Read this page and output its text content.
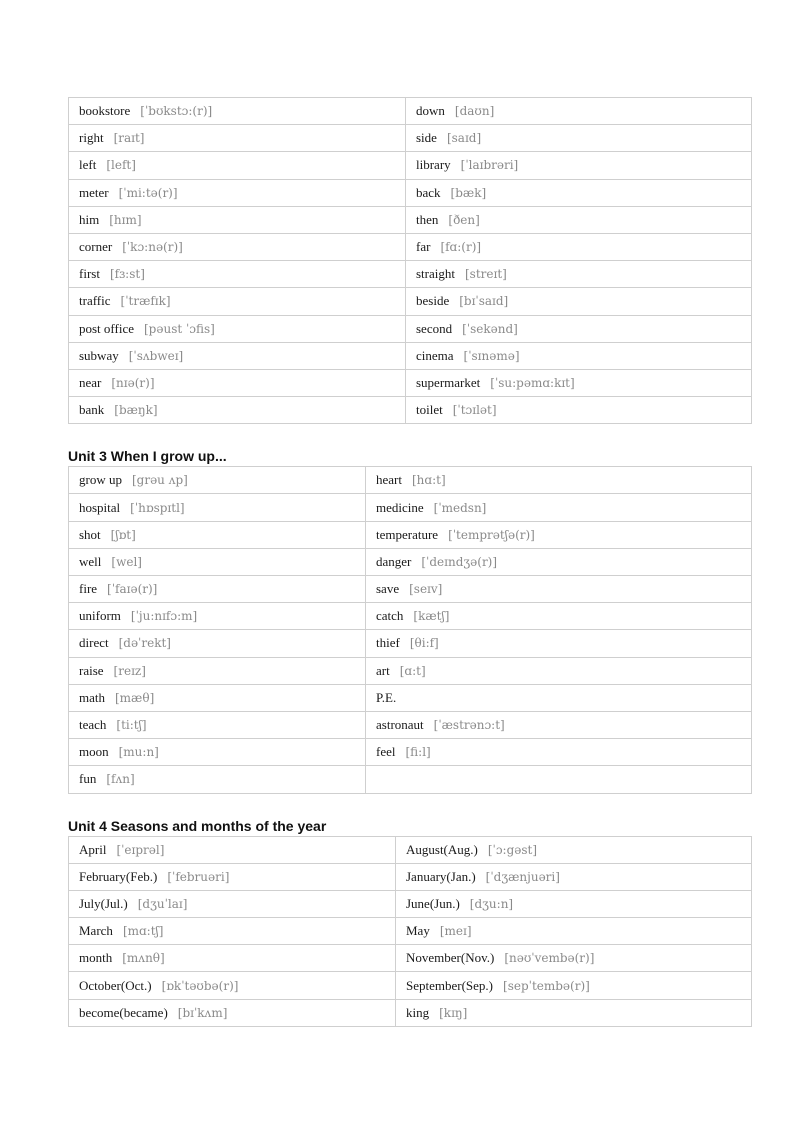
bookstore [ˈbʊkstɔ:(r)]	down [daʊn]
right [raɪt]	side [saɪd]
left [left]	library [ˈlaɪbrəri]
meter [ˈmi:tə(r)]	back [bæk]
him [hɪm]	then [ðen]
corner [ˈkɔ:nə(r)]	far [fɑ:(r)]
first [fɜ:st]	straight [streɪt]
traffic [ˈtræfɪk]	beside [bɪˈsaɪd]
post office [pəust ˈɔfis]	second [ˈsekənd]
subway [ˈsʌbweɪ]	cinema [ˈsɪnəmə]
near [nɪə(r)]	supermarket [ˈsu:pəmɑ:kɪt]
bank [bæŋk]	toilet [ˈtɔɪlət]
Unit 3 When I grow up...
grow up [grəu ʌp]	heart [hɑ:t]
hospital [ˈhɒspɪtl]	medicine [ˈmedsn]
shot [ʃɒt]	temperature [ˈtemprətʃə(r)]
well [wel]	danger [ˈdeɪndʒə(r)]
fire [ˈfaɪə(r)]	save [seɪv]
uniform [ˈju:nɪfɔ:m]	catch [kætʃ]
direct [dəˈrekt]	thief [θi:f]
raise [reɪz]	art [ɑ:t]
math [mæθ]	P.E.
teach [ti:tʃ]	astronaut [ˈæstrənɔ:t]
moon [mu:n]	feel [fi:l]
fun [fʌn]	
Unit 4 Seasons and months of the year
April [ˈeɪprəl]	August(Aug.) [ˈɔ:gəst]
February(Feb.) [ˈfebruəri]	January(Jan.) [ˈdʒænjuəri]
July(Jul.) [dʒuˈlaɪ]	June(Jun.) [dʒu:n]
March [mɑ:tʃ]	May [meɪ]
month [mʌnθ]	November(Nov.) [nəʊˈvembə(r)]
October(Oct.) [ɒkˈtəʊbə(r)]	September(Sep.) [sepˈtembə(r)]
become(became) [bɪˈkʌm]	king [kɪŋ]
